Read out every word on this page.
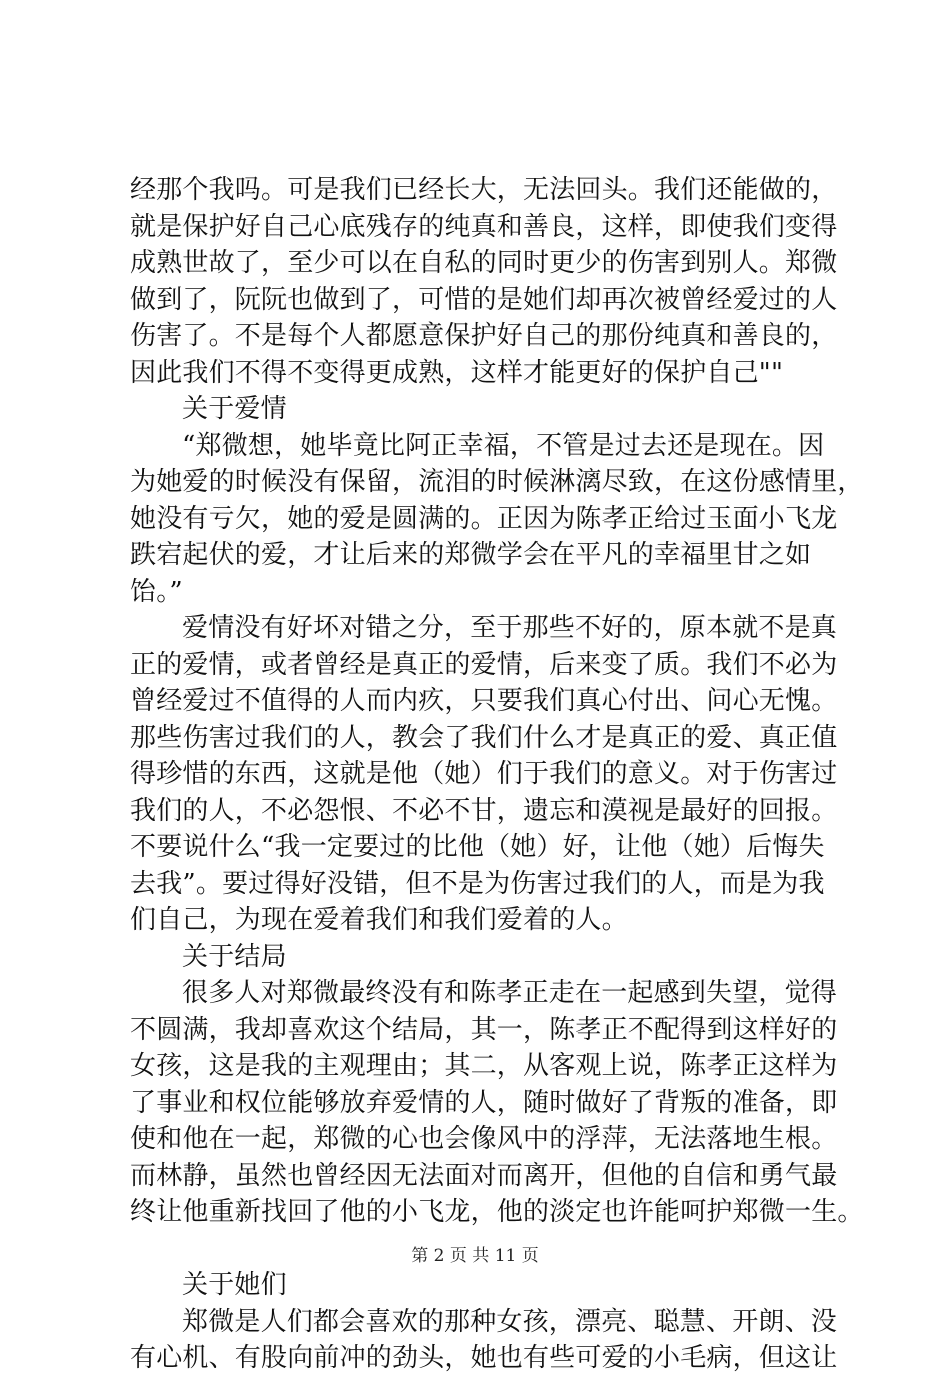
经那个我吗。可是我们已经长大，无法回头。我们还能做的，
就是保护好自己心底残存的纯真和善良，这样，即使我们变得
成熟世故了，至少可以在自私的同时更少的伤害到别人。郑微
做到了，阮阮也做到了，可惜的是她们却再次被曾经爱过的人
伤害了。不是每个人都愿意保护好自己的那份纯真和善良的，
因此我们不得不变得更成熟，这样才能更好的保护自己""
关于爱情
“郑微想，她毕竟比阿正幸福，不管是过去还是现在。因
为她爱的时候没有保留，流泪的时候淋漓尽致，在这份感情里，
她没有亏欠，她的爱是圆满的。正因为陈孝正给过玉面小飞龙
跌宕起伏的爱，才让后来的郑微学会在平凡的幸福里甘之如
饴。”
爱情没有好坏对错之分，至于那些不好的，原本就不是真
正的爱情，或者曾经是真正的爱情，后来变了质。我们不必为
曾经爱过不值得的人而内疚，只要我们真心付出、问心无愧。
那些伤害过我们的人，教会了我们什么才是真正的爱、真正值
得珍惜的东西，这就是他（她）们于我们的意义。对于伤害过
我们的人，不必怨恨、不必不甘，遗忘和漠视是最好的回报。
不要说什么“我一定要过的比他（她）好，让他（她）后悔失
去我”。要过得好没错，但不是为伤害过我们的人，而是为我
们自己，为现在爱着我们和我们爱着的人。
关于结局
很多人对郑微最终没有和陈孝正走在一起感到失望，觉得
不圆满，我却喜欢这个结局，其一，陈孝正不配得到这样好的
女孩，这是我的主观理由；其二，从客观上说，陈孝正这样为
了事业和权位能够放弃爱情的人，随时做好了背叛的准备，即
使和他在一起，郑微的心也会像风中的浮萍，无法落地生根。
而林静，虽然也曾经因无法面对而离开，但他的自信和勇气最
终让他重新找回了他的小飞龙，他的淡定也许能呵护郑微一生。
关于她们
郑微是人们都会喜欢的那种女孩，漂亮、聪慧、开朗、没
有心机、有股向前冲的劲头，她也有些可爱的小毛病，但这让
第 2 页 共 11 页
